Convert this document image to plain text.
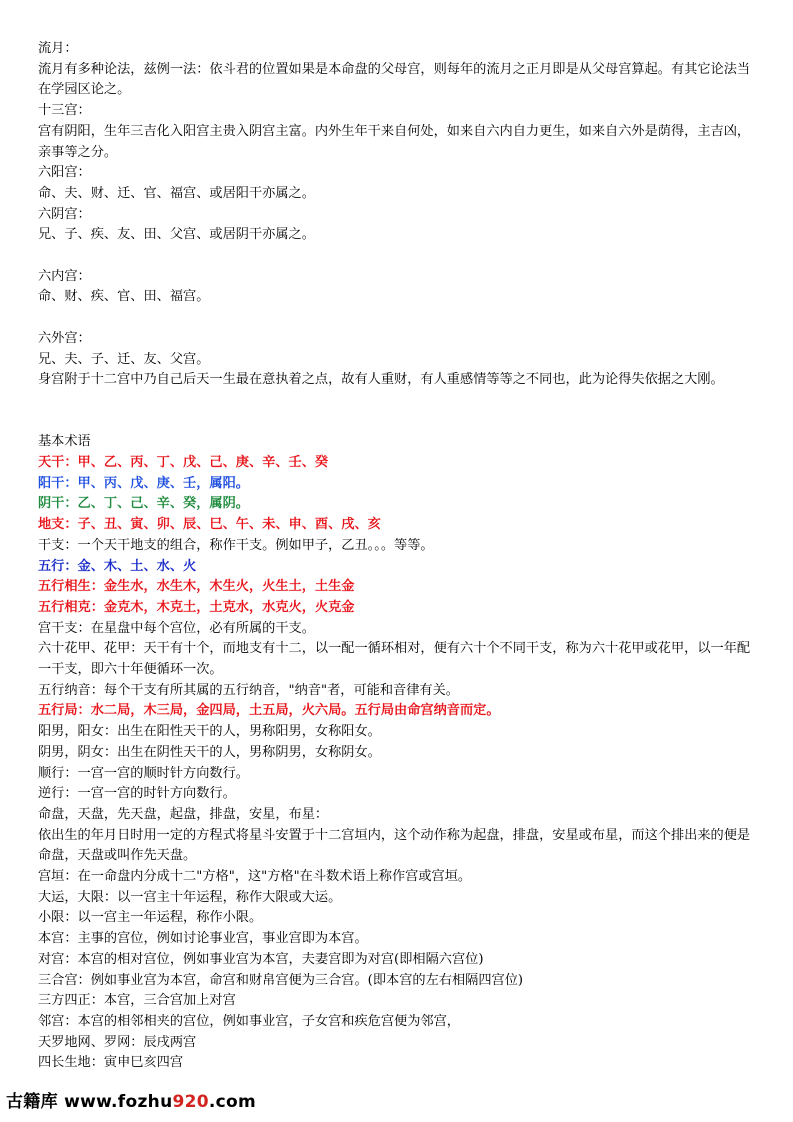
流月：
流月有多种论法，兹例一法：依斗君的位置如果是本命盘的父母宫，则每年的流月之正月即是从父母宫算起。有其它论法当在学园区论之。
十三宫：
宫有阴阳，生年三吉化入阳宫主贵入阴宫主富。内外生年干来自何处，如来自六内自力更生，如来自六外是荫得，主吉凶，亲事等之分。
六阳宫：
命、夫、财、迁、官、福宫、或居阳干亦属之。
六阴宫：
兄、子、疾、友、田、父宫、或居阴干亦属之。
六内宫：
命、财、疾、官、田、福宫。
六外宫：
兄、夫、子、迁、友、父宫。
身宫附于十二宫中乃自己后天一生最在意执着之点，故有人重财，有人重感情等等之不同也，此为论得失依据之大刚。
基本术语
天干：甲、乙、丙、丁、戊、己、庚、辛、壬、癸
阳干：甲、丙、戊、庚、壬，属阳。
阴干：乙、丁、己、辛、癸，属阴。
地支：子、丑、寅、卯、辰、巳、午、未、申、酉、戌、亥
干支：一个天干地支的组合，称作干支。例如甲子，乙丑。。。等等。
五行：金、木、土、水、火
五行相生：金生水，水生木，木生火，火生土，土生金
五行相克：金克木，木克土，土克水，水克火，火克金
宫干支：在星盘中每个宫位，必有所属的干支。
六十花甲、花甲：天干有十个，而地支有十二，以一配一循环相对，便有六十个不同干支，称为六十花甲或花甲，以一年配一干支，即六十年便循环一次。
五行纳音：每个干支有所其属的五行纳音，"纳音"者，可能和音律有关。
五行局：水二局，木三局，金四局，土五局，火六局。五行局由命宫纳音而定。
阳男，阳女：出生在阳性天干的人，男称阳男，女称阳女。
阴男，阴女：出生在阴性天干的人，男称阴男，女称阴女。
顺行：一宫一宫的顺时针方向数行。
逆行：一宫一宫的时针方向数行。
命盘，天盘，先天盘，起盘，排盘，安星，布星：
依出生的年月日时用一定的方程式将星斗安置于十二宫垣内，这个动作称为起盘，排盘，安星或布星，而这个排出来的便是命盘，天盘或叫作先天盘。
宫垣：在一命盘内分成十二"方格"，这"方格"在斗数术语上称作宫或宫垣。
大运，大限：以一宫主十年运程，称作大限或大运。
小限：以一宫主一年运程，称作小限。
本宫：主事的宫位，例如讨论事业宫，事业宫即为本宫。
对宫：本宫的相对宫位，例如事业宫为本宫，夫妻宫即为对宫(即相隔六宫位)
三合宫：例如事业宫为本宫，命宫和财帛宫便为三合宫。(即本宫的左右相隔四宫位)
三方四正：本宫，三合宫加上对宫
邻宫：本宫的相邻相夹的宫位，例如事业宫，子女宫和疾危宫便为邻宫，
天罗地网、罗网：辰戌两宫
四长生地：寅申巳亥四宫
古籍库 www.fozhu920.com
